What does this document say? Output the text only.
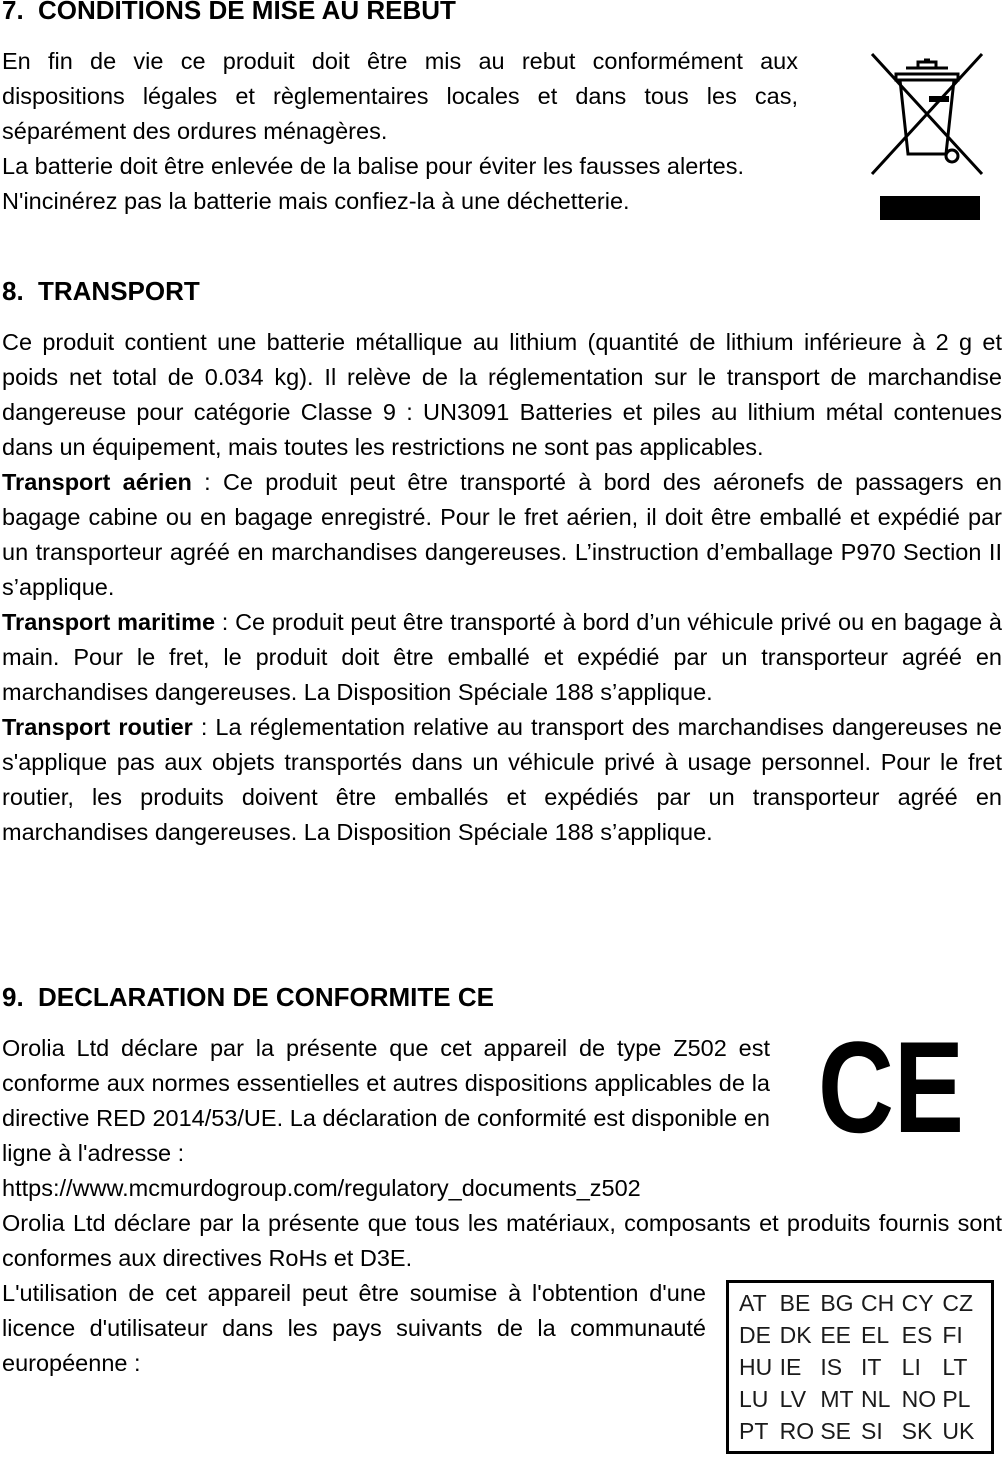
7. CONDITIONS DE MISE AU REBUT
En fin de vie ce produit doit être mis au rebut conformément aux dispositions légales et règlementaires locales et dans tous les cas, séparément des ordures ménagères.
La batterie doit être enlevée de la balise pour éviter les fausses alertes.
N'incinérez pas la batterie mais confiez-la à une déchetterie.
8. TRANSPORT
Ce produit contient une batterie métallique au lithium (quantité de lithium inférieure à 2 g et poids net total de 0.034 kg). Il relève de la réglementation sur le transport de marchandise dangereuse pour catégorie Classe 9 : UN3091 Batteries et piles au lithium métal contenues dans un équipement, mais toutes les restrictions ne sont pas applicables.
Transport aérien : Ce produit peut être transporté à bord des aéronefs de passagers en bagage cabine ou en bagage enregistré. Pour le fret aérien, il doit être emballé et expédié par un transporteur agréé en marchandises dangereuses. L’instruction d’emballage P970 Section II s’applique.
Transport maritime : Ce produit peut être transporté à bord d’un véhicule privé ou en bagage à main. Pour le fret, le produit doit être emballé et expédié par un transporteur agréé en marchandises dangereuses. La Disposition Spéciale 188 s’applique.
Transport routier : La réglementation relative au transport des marchandises dangereuses ne s'applique pas aux objets transportés dans un véhicule privé à usage personnel. Pour le fret routier, les produits doivent être emballés et expédiés par un transporteur agréé en marchandises dangereuses. La Disposition Spéciale 188 s’applique.
9. DECLARATION DE CONFORMITE CE
Orolia Ltd déclare par la présente que cet appareil de type Z502 est conforme aux normes essentielles et autres dispositions applicables de la directive RED 2014/53/UE. La déclaration de conformité est disponible en ligne à l'adresse :
https://www.mcmurdogroup.com/regulatory_documents_z502
Orolia Ltd déclare par la présente que tous les matériaux, composants et produits fournis sont conformes aux directives RoHs et D3E.
L'utilisation de cet appareil peut être soumise à l'obtention d'une licence d'utilisateur dans les pays suivants de la communauté européenne :
CE
AT BE BG CH CY CZ
DE DK EE EL ES FI
HU IE IS IT LI LT
LU LV MT NL NO PL
PT RO SE SI SK UK
